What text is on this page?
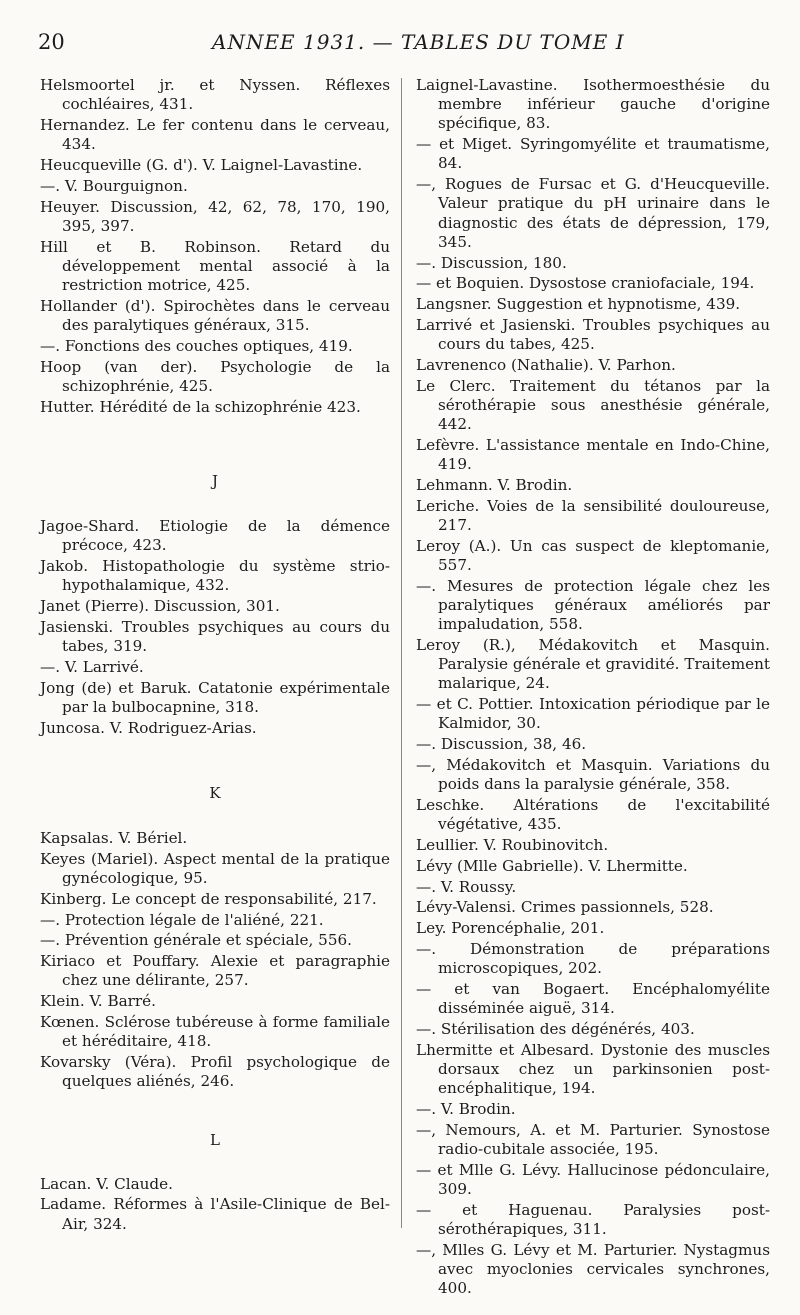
20	ANNEE 1931. — TABLES DU TOME I

Helsmoortel jr. et Nyssen. Réflexes cochléaires, 431.

Hernandez. Le fer contenu dans le cerveau, 434.

Heucqueville (G. d'). V. Laignel-Lavastine.

—. V. Bourguignon.

Heuyer. Discussion, 42, 62, 78, 170, 190, 395, 397.

Hill et B. Robinson. Retard du développement mental associé à la restriction motrice, 425.

Hollander (d'). Spirochètes dans le cerveau des paralytiques généraux, 315.

—. Fonctions des couches optiques, 419.

Hoop (van der). Psychologie de la schizophrénie, 425.

Hutter. Hérédité de la schizophrénie 423.

J

Jagoe-Shard. Etiologie de la démence précoce, 423.

Jakob. Histopathologie du système strio-hypothalamique, 432.

Janet (Pierre). Discussion, 301.

Jasienski. Troubles psychiques au cours du tabes, 319.

—. V. Larrivé.

Jong (de) et Baruk. Catatonie expérimentale par la bulbocapnine, 318.

Juncosa. V. Rodriguez-Arias.

K

Kapsalas. V. Bériel.

Keyes (Mariel). Aspect mental de la pratique gynécologique, 95.

Kinberg. Le concept de responsabilité, 217.

—. Protection légale de l'aliéné, 221.

—. Prévention générale et spéciale, 556.

Kiriaco et Pouffary. Alexie et paragraphie chez une délirante, 257.

Klein. V. Barré.

Kœnen. Sclérose tubéreuse à forme familiale et héréditaire, 418.

Kovarsky (Véra). Profil psychologique de quelques aliénés, 246.

L

Lacan. V. Claude.

Ladame. Réformes à l'Asile-Clinique de Bel-Air, 324.

Laignel-Lavastine. Isothermoesthésie du membre inférieur gauche d'origine spécifique, 83.

— et Miget. Syringomyélite et traumatisme, 84.

—, Rogues de Fursac et G. d'Heucqueville. Valeur pratique du pH urinaire dans le diagnostic des états de dépression, 179, 345.

—. Discussion, 180.

— et Boquien. Dysostose craniofaciale, 194.

Langsner. Suggestion et hypnotisme, 439.

Larrivé et Jasienski. Troubles psychiques au cours du tabes, 425.

Lavrenenco (Nathalie). V. Parhon.

Le Clerc. Traitement du tétanos par la sérothérapie sous anesthésie générale, 442.

Lefèvre. L'assistance mentale en Indo-Chine, 419.

Lehmann. V. Brodin.

Leriche. Voies de la sensibilité douloureuse, 217.

Leroy (A.). Un cas suspect de kleptomanie, 557.

—. Mesures de protection légale chez les paralytiques généraux améliorés par impaludation, 558.

Leroy (R.), Médakovitch et Masquin. Paralysie générale et gravidité. Traitement malarique, 24.

— et C. Pottier. Intoxication périodique par le Kalmidor, 30.

—. Discussion, 38, 46.

—, Médakovitch et Masquin. Variations du poids dans la paralysie générale, 358.

Leschke. Altérations de l'excitabilité végétative, 435.

Leullier. V. Roubinovitch.

Lévy (Mlle Gabrielle). V. Lhermitte.

—. V. Roussy.

Lévy-Valensi. Crimes passionnels, 528.

Ley. Porencéphalie, 201.

—. Démonstration de préparations microscopiques, 202.

— et van Bogaert. Encéphalomyélite disséminée aiguë, 314.

—. Stérilisation des dégénérés, 403.

Lhermitte et Albesard. Dystonie des muscles dorsaux chez un parkinsonien post-encéphalitique, 194.

—. V. Brodin.

—, Nemours, A. et M. Parturier. Synostose radio-cubitale associée, 195.

— et Mlle G. Lévy. Hallucinose pédonculaire, 309.

— et Haguenau. Paralysies post-sérothérapiques, 311.

—, Mlles G. Lévy et M. Parturier. Nystagmus avec myoclonies cervicales synchrones, 400.
